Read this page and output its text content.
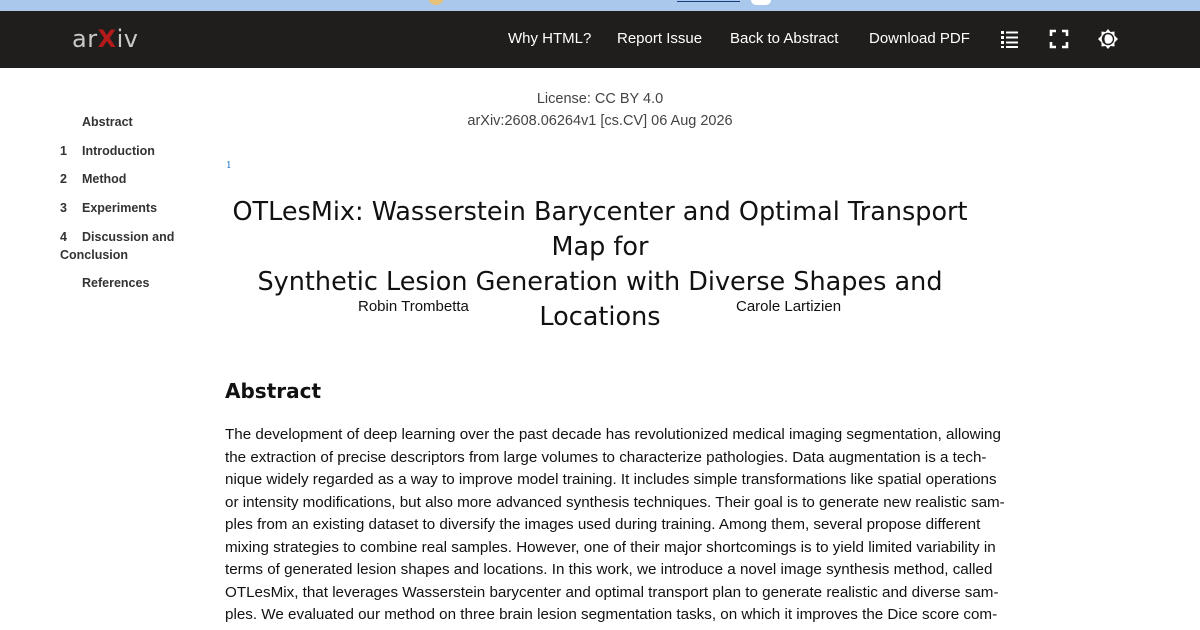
arXiv	Why HTML? Report Issue Back to Abstract Download PDF
Abstract
1 Introduction
2 Method
3 Experiments
4 Discussion and
Conclusion
References
License: CC BY 4.0
arXiv:2608.06264v1 [cs.CV] 06 Aug 2026
1
OTLesMix: Wasserstein Barycenter and Optimal Transport Map for
Synthetic Lesion Generation with Diverse Shapes and Locations
Robin Trombetta	Carole Lartizien
Abstract

The development of deep learning over the past decade has revolutionized medical imaging segmentation, allowing
the extraction of precise descriptors from large volumes to characterize pathologies. Data augmentation is a tech-
nique widely regarded as a way to improve model training. It includes simple transformations like spatial operations
or intensity modifications, but also more advanced synthesis techniques. Their goal is to generate new realistic sam-
ples from an existing dataset to diversify the images used during training. Among them, several propose different
mixing strategies to combine real samples. However, one of their major shortcomings is to yield limited variability in
terms of generated lesion shapes and locations. In this work, we introduce a novel image synthesis method, called
OTLesMix, that leverages Wasserstein barycenter and optimal transport plan to generate realistic and diverse sam-
ples. We evaluated our method on three brain lesion segmentation tasks, on which it improves the Dice score com-
